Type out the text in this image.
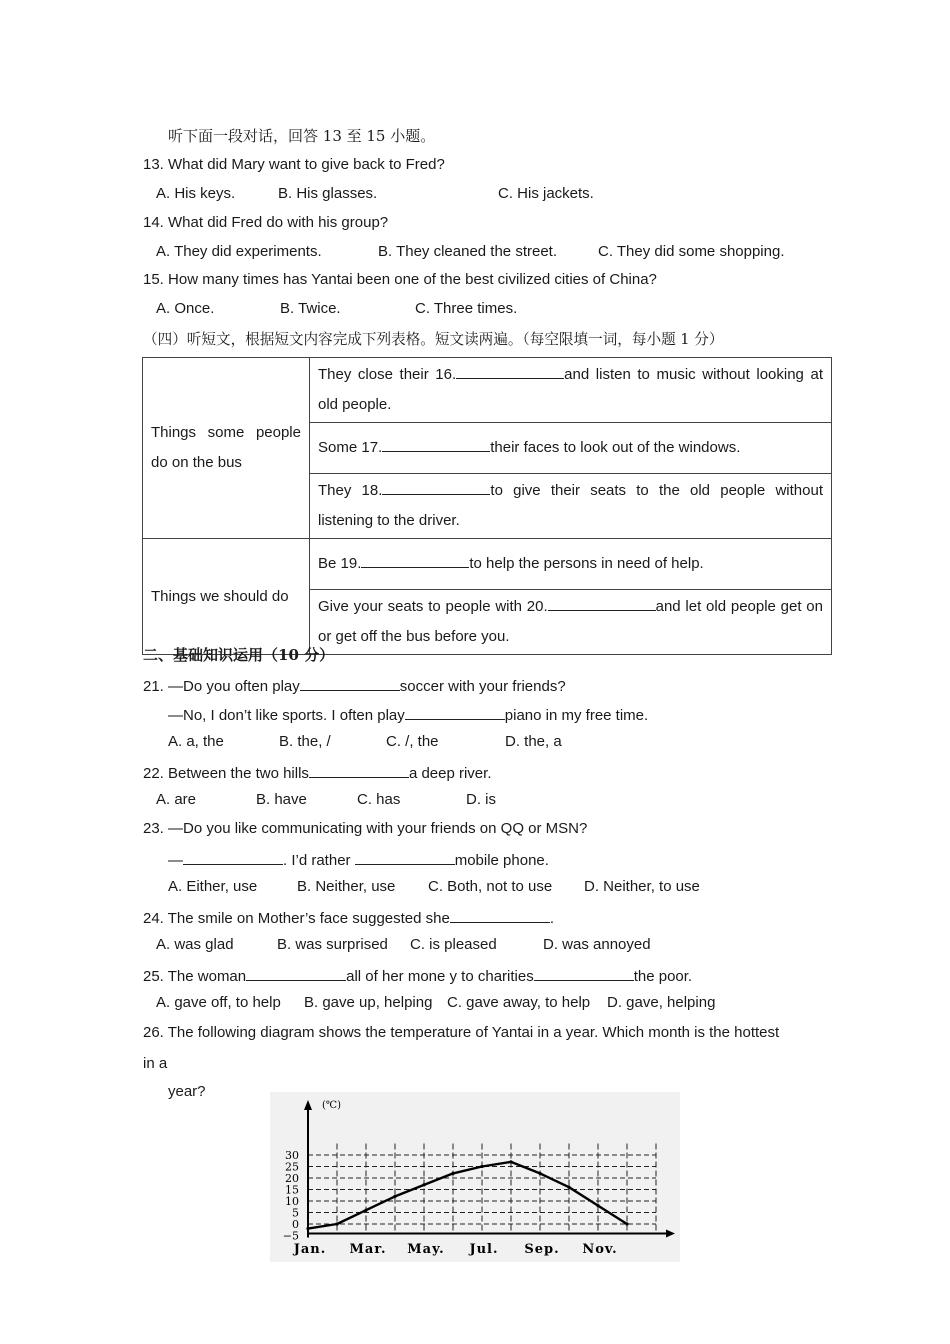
听下面一段对话，回答 13 至 15 小题。
13. What did Mary want to give back to Fred?
A. His keys.	B. His glasses.	C. His jackets.
14. What did Fred do with his group?
A. They did experiments.	B. They cleaned the street.	C. They did some shopping.
15. How many times has Yantai been one of the best civilized cities of China?
A. Once.	B. Twice.	C. Three times.
（四）听短文，根据短文内容完成下列表格。短文读两遍。（每空限填一词，每小题 1 分）
Things some people do on the bus	They close their 16. and listen to music without looking at old people.
	Some 17. their faces to look out of the windows.
	They 18. to give their seats to the old people without listening to the driver.
Things we should do	Be 19. to help the persons in need of help.
	Give your seats to people with 20. and let old people get on or get off the bus before you.
二、基础知识运用（10 分）
21. —Do you often play	soccer with your friends?
—No, I don’t like sports. I often play	piano in my free time.
A. a, the	B. the, /	C. /, the	D. the, a
22. Between the two hills	a deep river.
A. are	B. have	C. has	D. is
23. —Do you like communicating with your friends on QQ or MSN?
—	. I’d rather	mobile phone.
A. Either, use	B. Neither, use C. Both, not to use D. Neither, to use
24. The smile on Mother’s face suggested she	.
A. was glad	B. was surprised C. is pleased	D. was annoyed
25. The woman	all of her mone y to charities	the poor.
A. gave off, to help B. gave up, helping C. gave away, to help D. gave, helping
26. The following diagram shows the temperature of Yantai in a year. Which month is the hottest
in a
year?
(℃)
30
25
20
15
10
5
0
−5
Jan. Mar. May. Jul. Sep. Nov.
